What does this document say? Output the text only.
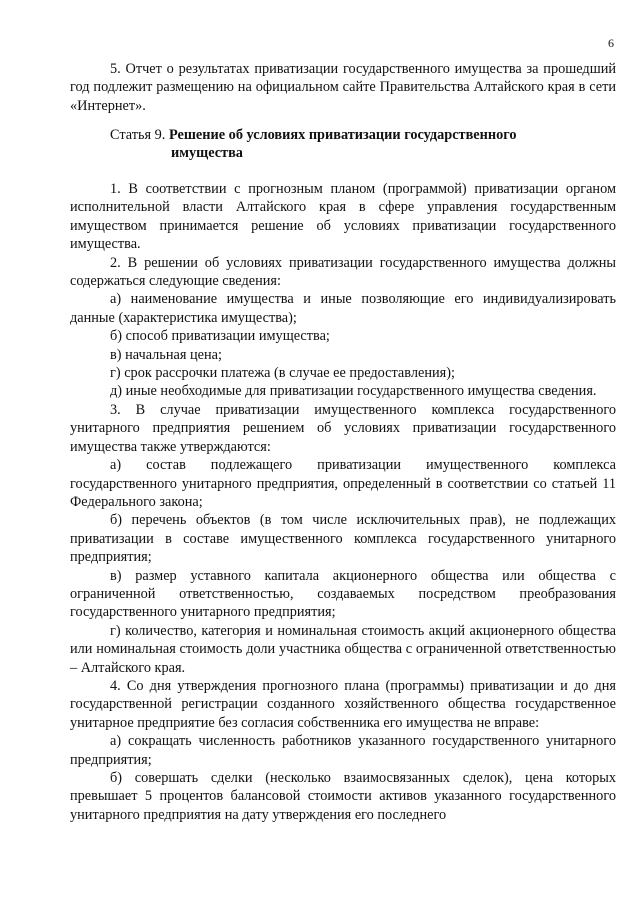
6

5. Отчет о результатах приватизации государственного имущества за прошедший год подлежит размещению на официальном сайте Правительства Алтайского края в сети «Интернет».

Статья 9. Решение об условиях приватизации государственного
имущества

1. В соответствии с прогнозным планом (программой) приватизации органом исполнительной власти Алтайского края в сфере управления государственным имуществом принимается решение об условиях приватизации государственного имущества.

2. В решении об условиях приватизации государственного имущества должны содержаться следующие сведения:

а) наименование имущества и иные позволяющие его индивидуализировать данные (характеристика имущества);

б) способ приватизации имущества;

в) начальная цена;

г) срок рассрочки платежа (в случае ее предоставления);

д) иные необходимые для приватизации государственного имущества сведения.

3. В случае приватизации имущественного комплекса государственного унитарного предприятия решением об условиях приватизации государственного имущества также утверждаются:

а) состав подлежащего приватизации имущественного комплекса государственного унитарного предприятия, определенный в соответствии со статьей 11 Федерального закона;

б) перечень объектов (в том числе исключительных прав), не подлежащих приватизации в составе имущественного комплекса государственного унитарного предприятия;

в) размер уставного капитала акционерного общества или общества с ограниченной ответственностью, создаваемых посредством преобразования государственного унитарного предприятия;

г) количество, категория и номинальная стоимость акций акционерного общества или номинальная стоимость доли участника общества с ограниченной ответственностью – Алтайского края.

4. Со дня утверждения прогнозного плана (программы) приватизации и до дня государственной регистрации созданного хозяйственного общества государственное унитарное предприятие без согласия собственника его имущества не вправе:

а) сокращать численность работников указанного государственного унитарного предприятия;

б) совершать сделки (несколько взаимосвязанных сделок), цена которых превышает 5 процентов балансовой стоимости активов указанного государственного унитарного предприятия на дату утверждения его последнего
